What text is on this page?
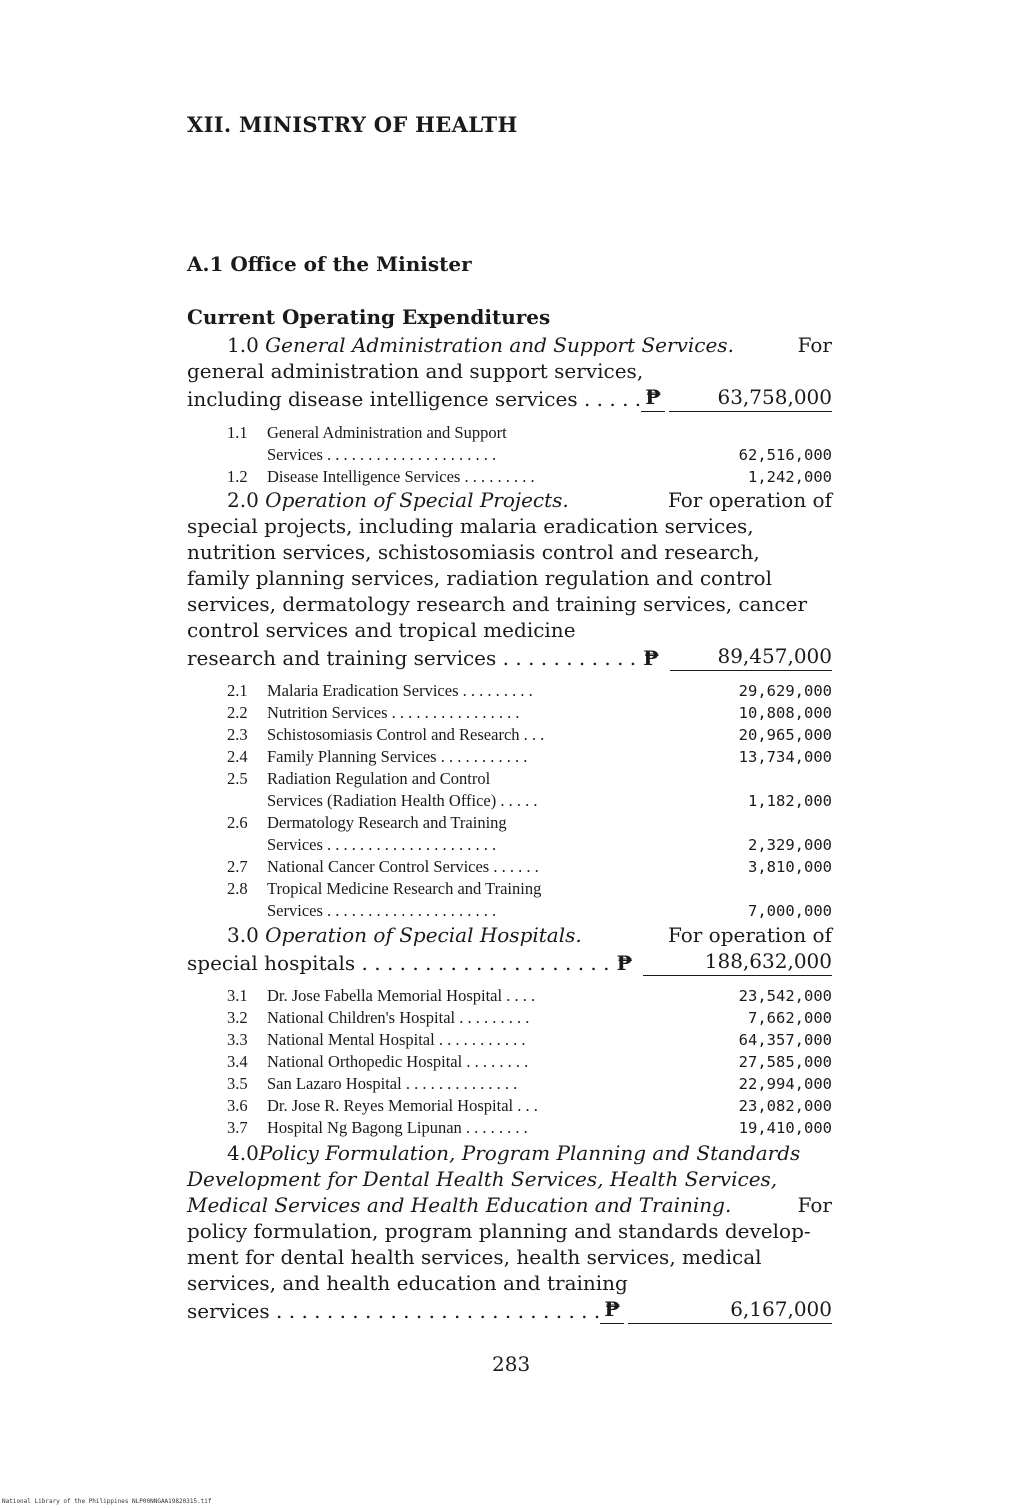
XII. MINISTRY OF HEALTH
A.1 Office of the Minister
Current Operating Expenditures
1.0 General Administration and Support Services.	For
general administration and support services,
including disease intelligence services . . . . . ₱	63,758,000
1.1	General Administration and Support
Services . . . . . . . . . . . . . . . . . . . . .	62,516,000
1.2	Disease Intelligence Services . . . . . . . . .	1,242,000
2.0 Operation of Special Projects.	For operation of
special projects, including malaria eradication services,
nutrition services, schistosomiasis control and research,
family planning services, radiation regulation and control
services, dermatology research and training services, cancer
control services and tropical medicine
research and training services . . . . . . . . . . . ₱	89,457,000
2.1	Malaria Eradication Services . . . . . . . . .	29,629,000
2.2	Nutrition Services . . . . . . . . . . . . . . . .	10,808,000
2.3	Schistosomiasis Control and Research . . .	20,965,000
2.4	Family Planning Services . . . . . . . . . . .	13,734,000
2.5	Radiation Regulation and Control
Services (Radiation Health Office) . . . . .	1,182,000
2.6	Dermatology Research and Training
Services . . . . . . . . . . . . . . . . . . . . .	2,329,000
2.7	National Cancer Control Services . . . . . .	3,810,000
2.8	Tropical Medicine Research and Training
Services . . . . . . . . . . . . . . . . . . . . .	7,000,000
3.0 Operation of Special Hospitals.	For operation of
special hospitals . . . . . . . . . . . . . . . . . . . . ₱	188,632,000
3.1	Dr. Jose Fabella Memorial Hospital . . . .	23,542,000
3.2	National Children's Hospital . . . . . . . . .	7,662,000
3.3	National Mental Hospital . . . . . . . . . . .	64,357,000
3.4	National Orthopedic Hospital . . . . . . . .	27,585,000
3.5	San Lazaro Hospital . . . . . . . . . . . . . .	22,994,000
3.6	Dr. Jose R. Reyes Memorial Hospital . . .	23,082,000
3.7	Hospital Ng Bagong Lipunan . . . . . . . .	19,410,000
4.0Policy Formulation, Program Planning and Standards
Development for Dental Health Services, Health Services,
Medical Services and Health Education and Training.	For
policy formulation, program planning and standards develop-
ment for dental health services, health services, medical
services, and health education and training
services . . . . . . . . . . . . . . . . . . . . . . . . . . ₱	6,167,000
283
National Library of the Philippines NLP00NNGAA19820315.tif
